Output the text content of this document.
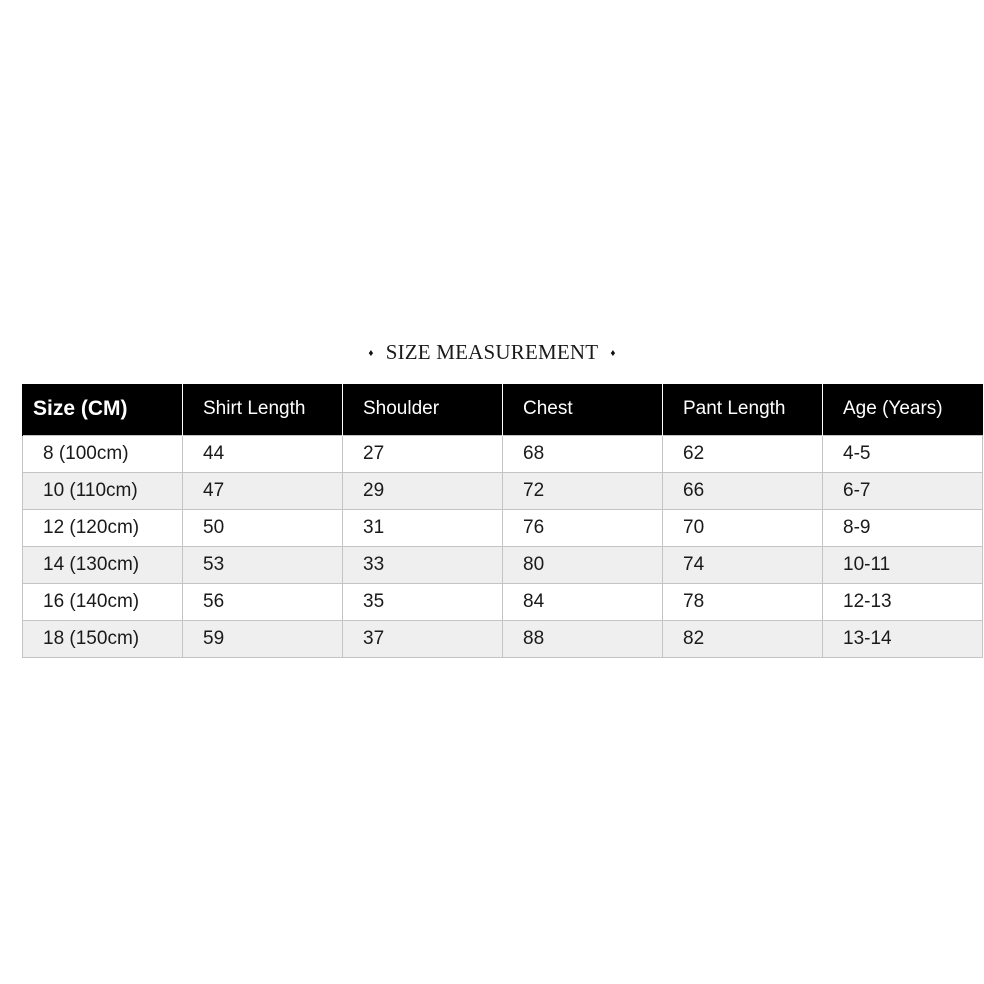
♦ SIZE MEASUREMENT ♦
Size (CM)	Shirt Length	Shoulder	Chest	Pant Length	Age (Years)
8 (100cm)	44	27	68	62	4-5
10 (110cm)	47	29	72	66	6-7
12 (120cm)	50	31	76	70	8-9
14 (130cm)	53	33	80	74	10-11
16 (140cm)	56	35	84	78	12-13
18 (150cm)	59	37	88	82	13-14
